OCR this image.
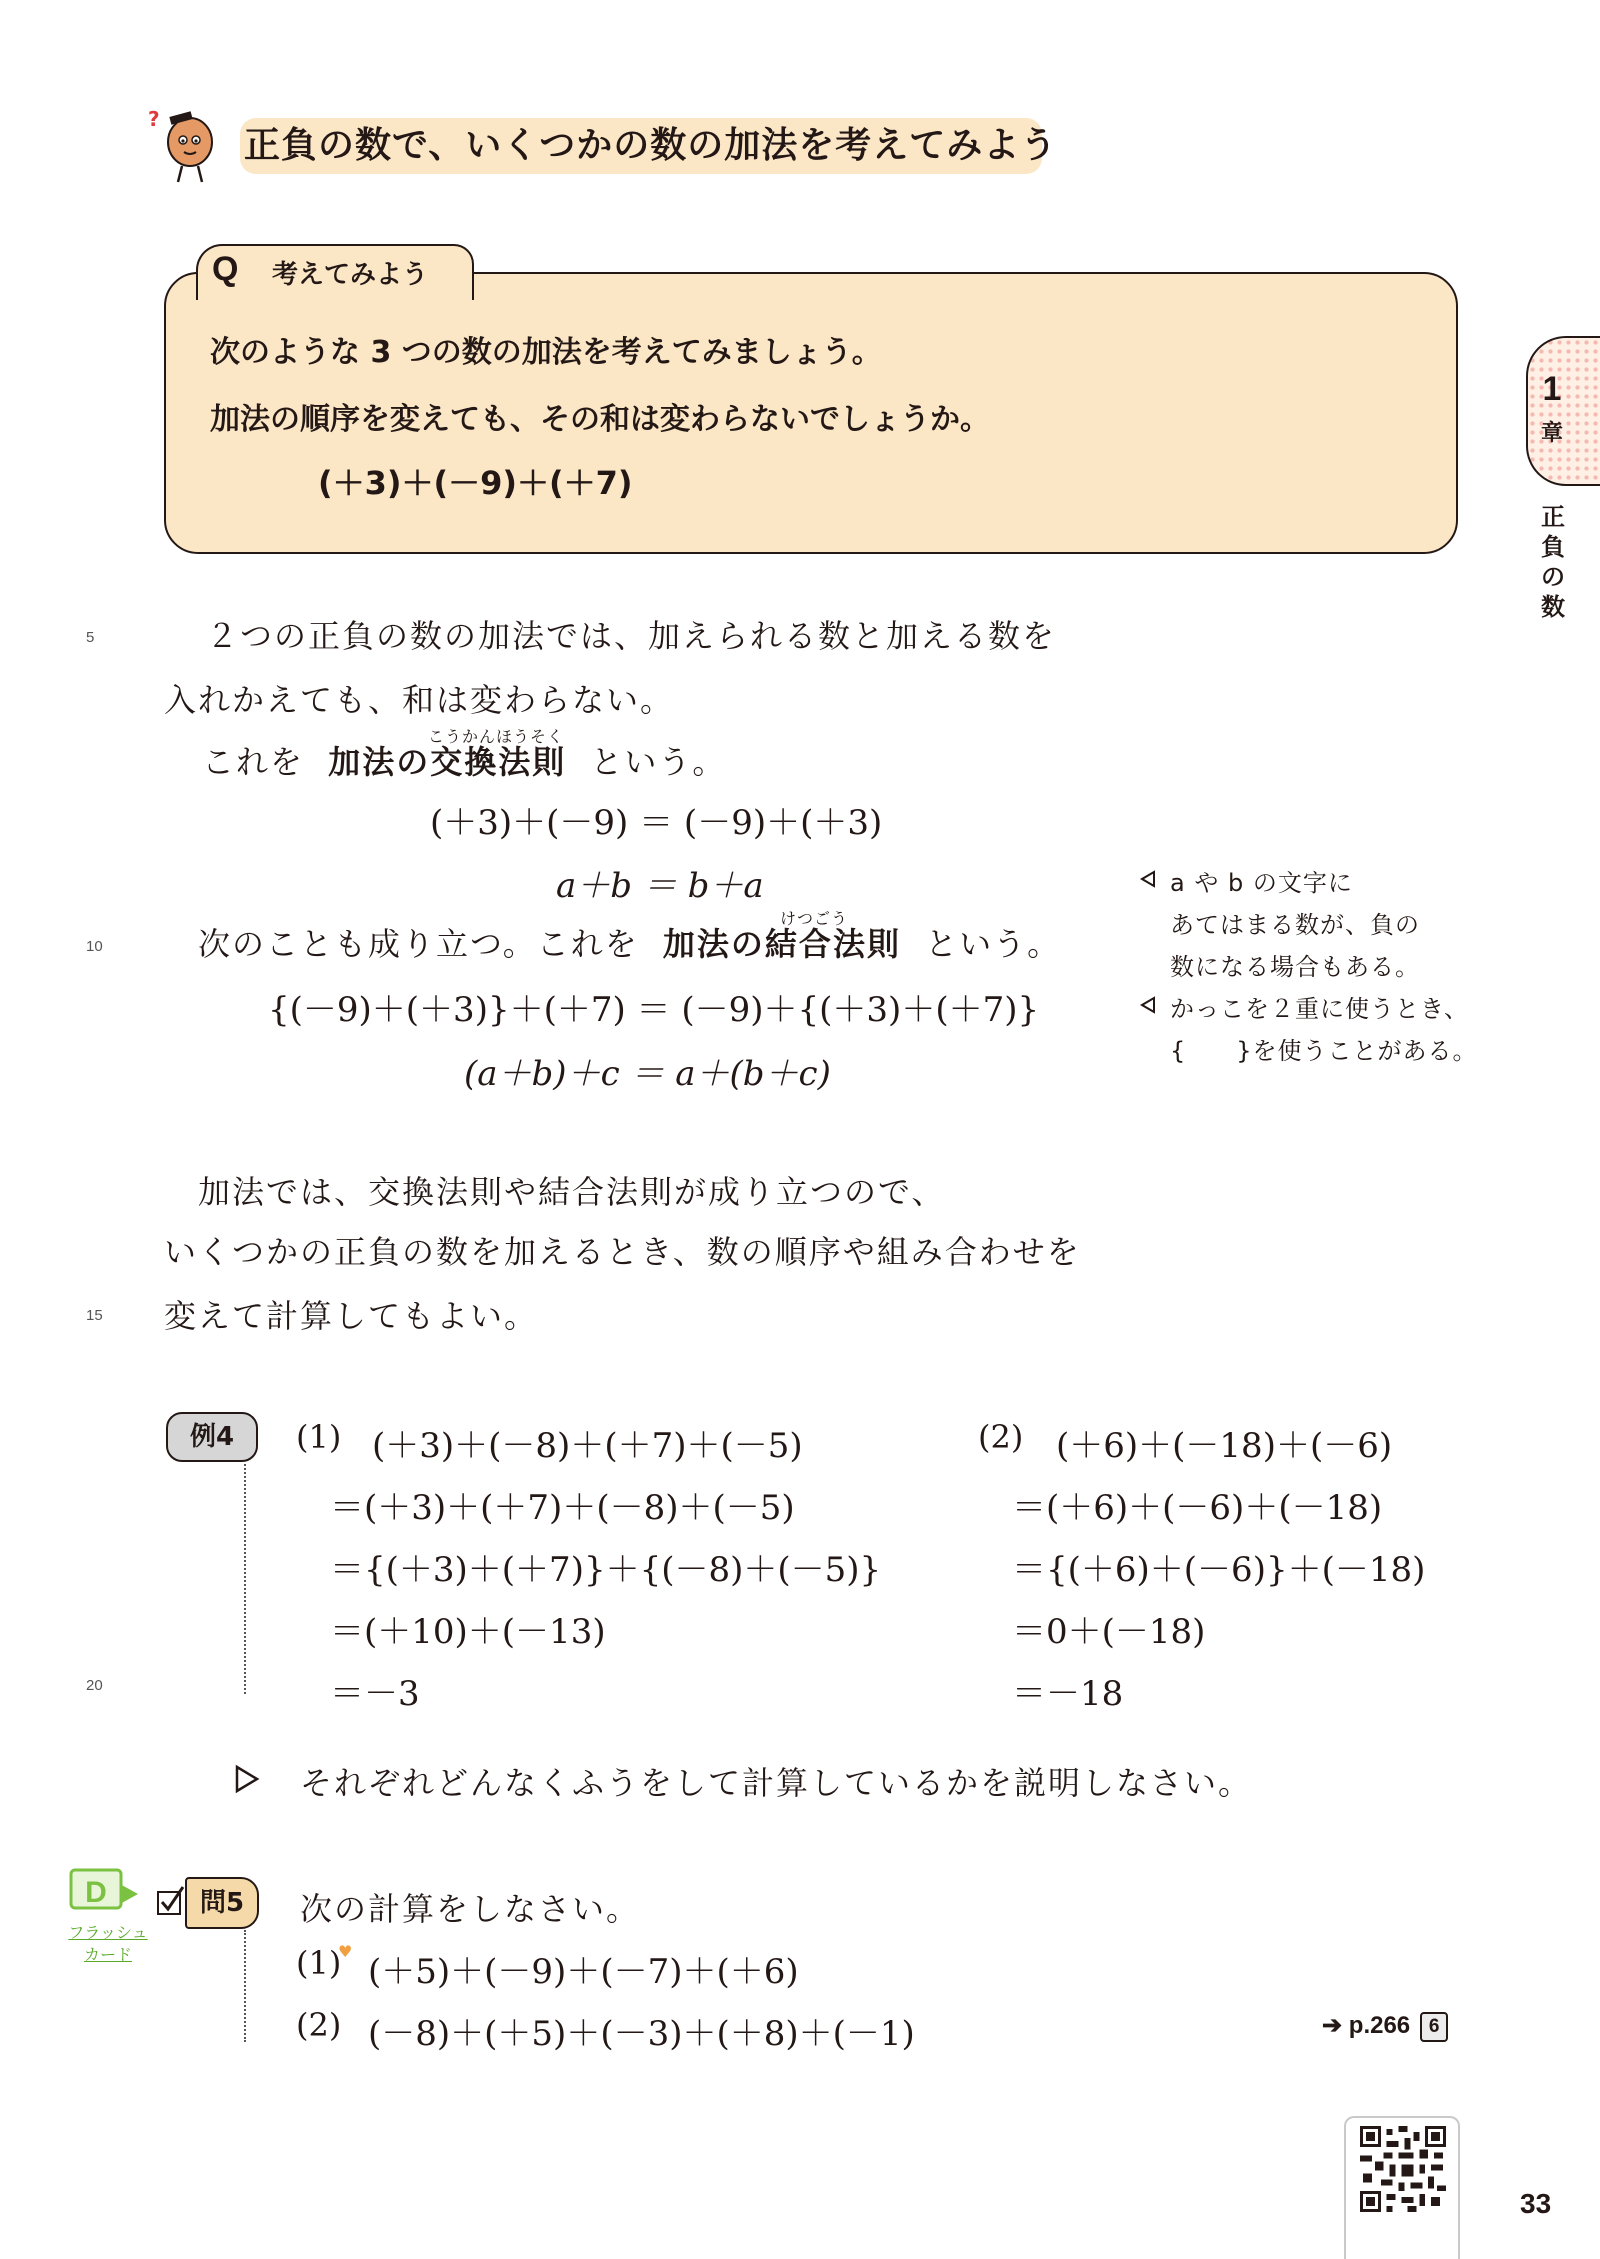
?
正負の数で、いくつかの数の加法を考えてみよう
Q 考えてみよう
次のような 3 つの数の加法を考えてみましょう。
加法の順序を変えても、その和は変わらないでしょうか。
(＋3)＋(－9)＋(＋7)
1
章
正負の数
5
10
15
20
２つの正負の数の加法では、加えられる数と加える数を
入れかえても、和は変わらない。
これを 加法の交換法則 という。
こうかんほうそく
(＋3)＋(－9) ＝ (－9)＋(＋3)
a＋b ＝ b＋a
次のことも成り立つ。これを 加法の結合法則 という。
けつごう
{(－9)＋(＋3)}＋(＋7) ＝ (－9)＋{(＋3)＋(＋7)}
(a＋b)＋c ＝ a＋(b＋c)
a や b の文字に
あてはまる数が、負の
数になる場合もある。
かっこを２重に使うとき、
{　　}を使うことがある。
加法では、交換法則や結合法則が成り立つので、
いくつかの正負の数を加えるとき、数の順序や組み合わせを
変えて計算してもよい。
例4	(1) (＋3)＋(－8)＋(＋7)＋(－5)
＝(＋3)＋(＋7)＋(－8)＋(－5)
＝{(＋3)＋(＋7)}＋{(－8)＋(－5)}
＝(＋10)＋(－13)
＝－3
(2) (＋6)＋(－18)＋(－6)
＝(＋6)＋(－6)＋(－18)
＝{(＋6)＋(－6)}＋(－18)
＝0＋(－18)
＝－18
それぞれどんなくふうをして計算しているかを説明しなさい。
D
フラッシュ
カード
問5	次の計算をしなさい。
(1)
♥
(＋5)＋(－9)＋(－7)＋(＋6)
(2) (－8)＋(＋5)＋(－3)＋(＋8)＋(－1)	➔ p.266 6
33
